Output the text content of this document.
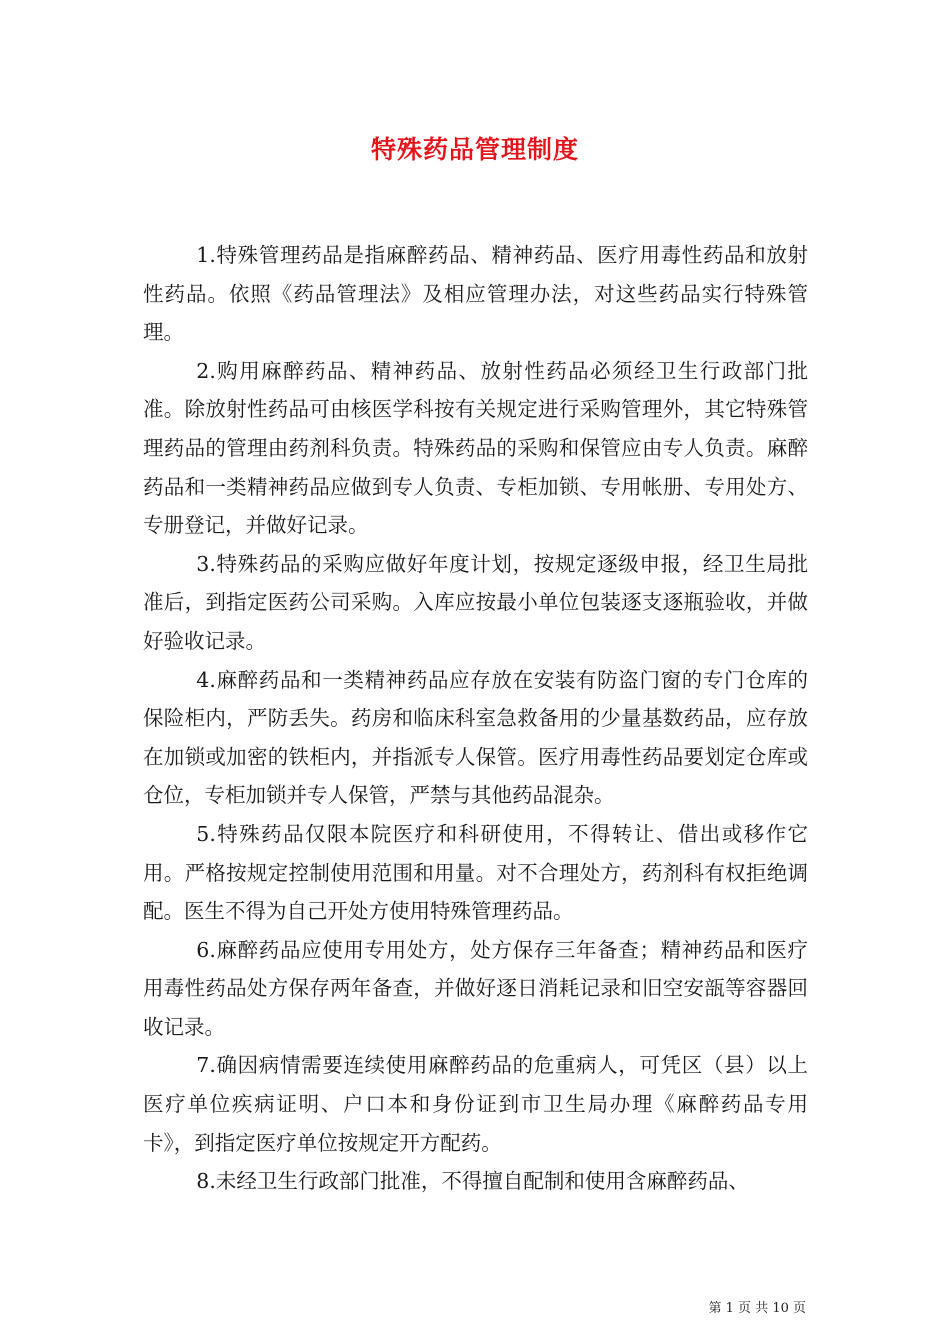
特殊药品管理制度

1.特殊管理药品是指麻醉药品、精神药品、医疗用毒性药品和放射性药品。依照《药品管理法》及相应管理办法，对这些药品实行特殊管理。

2.购用麻醉药品、精神药品、放射性药品必须经卫生行政部门批准。除放射性药品可由核医学科按有关规定进行采购管理外，其它特殊管理药品的管理由药剂科负责。特殊药品的采购和保管应由专人负责。麻醉药品和一类精神药品应做到专人负责、专柜加锁、专用帐册、专用处方、专册登记，并做好记录。

3.特殊药品的采购应做好年度计划，按规定逐级申报，经卫生局批准后，到指定医药公司采购。入库应按最小单位包装逐支逐瓶验收，并做好验收记录。

4.麻醉药品和一类精神药品应存放在安装有防盗门窗的专门仓库的保险柜内，严防丢失。药房和临床科室急救备用的少量基数药品，应存放在加锁或加密的铁柜内，并指派专人保管。医疗用毒性药品要划定仓库或仓位，专柜加锁并专人保管，严禁与其他药品混杂。

5.特殊药品仅限本院医疗和科研使用，不得转让、借出或移作它用。严格按规定控制使用范围和用量。对不合理处方，药剂科有权拒绝调配。医生不得为自己开处方使用特殊管理药品。

6.麻醉药品应使用专用处方，处方保存三年备查；精神药品和医疗用毒性药品处方保存两年备查，并做好逐日消耗记录和旧空安瓿等容器回收记录。

7.确因病情需要连续使用麻醉药品的危重病人，可凭区（县）以上医疗单位疾病证明、户口本和身份证到市卫生局办理《麻醉药品专用卡》，到指定医疗单位按规定开方配药。

8.未经卫生行政部门批准，不得擅自配制和使用含麻醉药品、

第 1 页 共 10 页
